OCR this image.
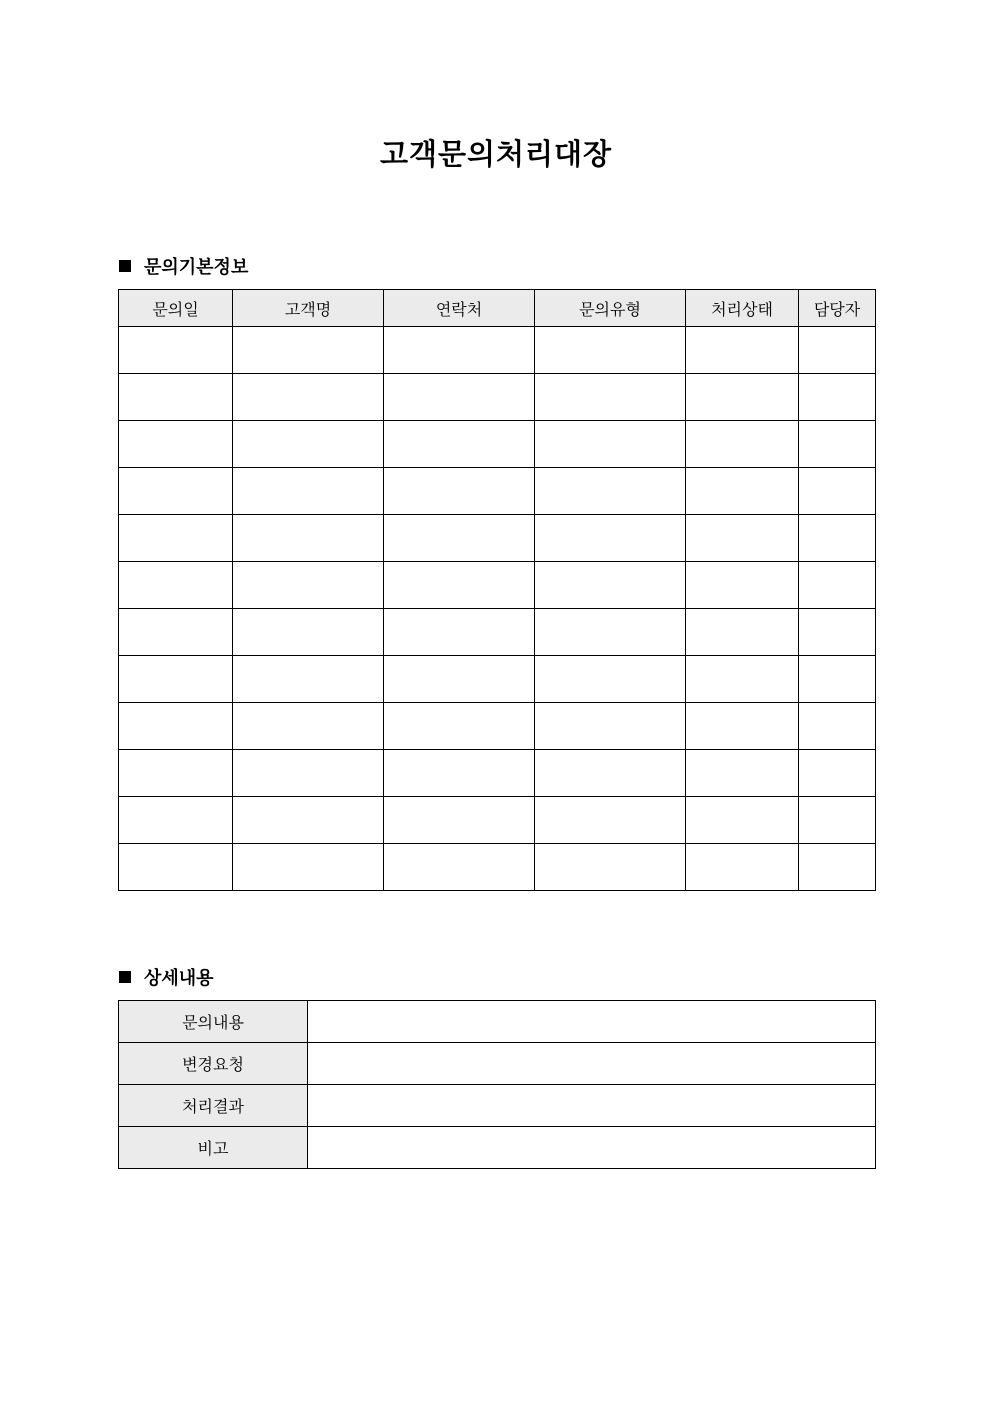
고객문의처리대장
문의기본정보
문의일	고객명	연락처	문의유형	처리상태	담당자

상세내용
문의내용	
변경요청	
처리결과	
비고	
